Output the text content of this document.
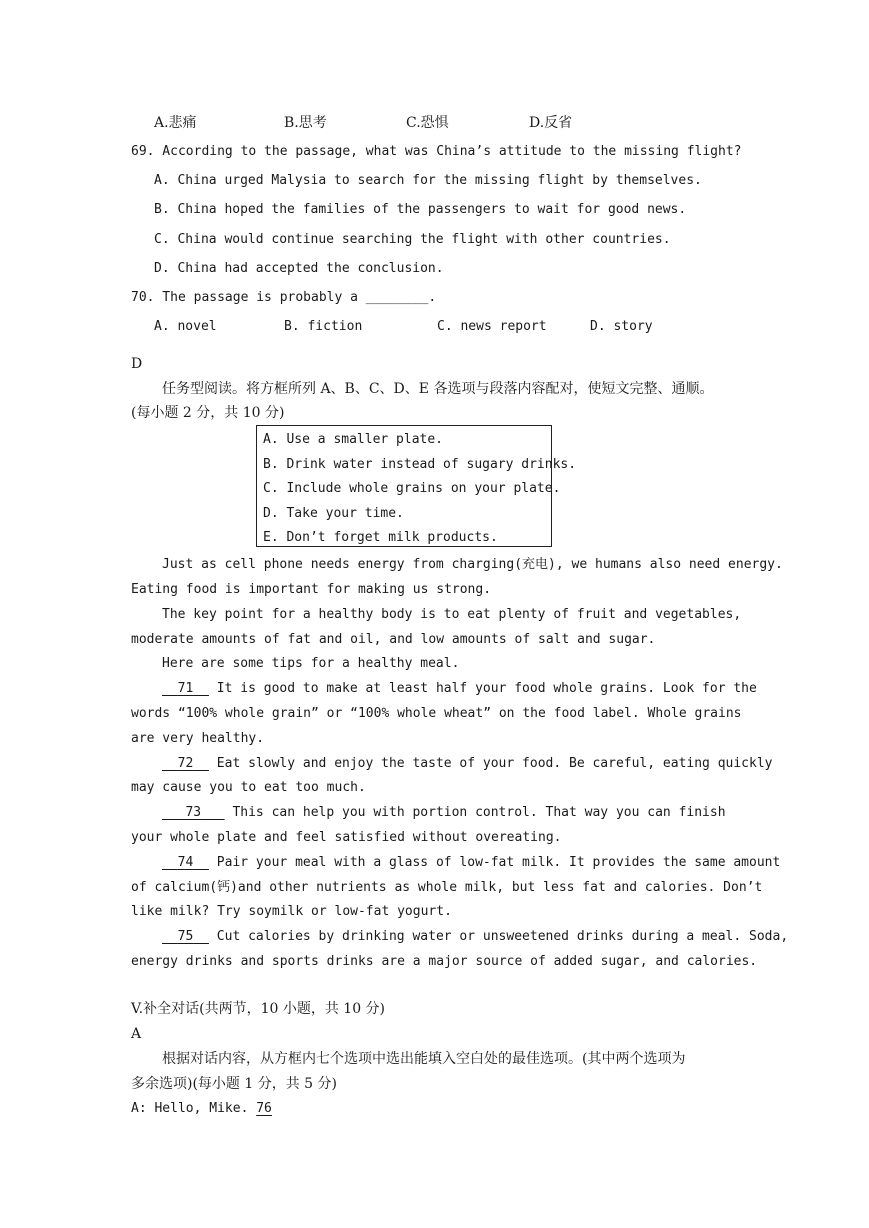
A.悲痛	B.思考	C.恐惧	D.反省
69. According to the passage, what was China’s attitude to the missing flight?
A. China urged Malysia to search for the missing flight by themselves.
B. China hoped the families of the passengers to wait for good news.
C. China would continue searching the flight with other countries.
D. China had accepted the conclusion.
70. The passage is probably a ________.
A. novel	B. fiction	C. news report	D. story
D
任务型阅读。将方框所列 A、B、C、D、E 各选项与段落内容配对，使短文完整、通顺。
(每小题 2 分，共 10 分)
A. Use a smaller plate.
B. Drink water instead of sugary drinks.
C. Include whole grains on your plate.
D. Take your time.
E. Don’t forget milk products.
Just as cell phone needs energy from charging(充电), we humans also need energy.
Eating food is important for making us strong.
The key point for a healthy body is to eat plenty of fruit and vegetables,
moderate amounts of fat and oil, and low amounts of salt and sugar.
Here are some tips for a healthy meal.
71 It is good to make at least half your food whole grains. Look for the
words “100% whole grain” or “100% whole wheat” on the food label. Whole grains
are very healthy.
72 Eat slowly and enjoy the taste of your food. Be careful, eating quickly
may cause you to eat too much.
73 This can help you with portion control. That way you can finish
your whole plate and feel satisfied without overeating.
74 Pair your meal with a glass of low-fat milk. It provides the same amount
of calcium(钙)and other nutrients as whole milk, but less fat and calories. Don’t
like milk? Try soymilk or low-fat yogurt.
75 Cut calories by drinking water or unsweetened drinks during a meal. Soda,
energy drinks and sports drinks are a major source of added sugar, and calories.
V.补全对话(共两节，10 小题，共 10 分)
A
根据对话内容，从方框内七个选项中选出能填入空白处的最佳选项。(其中两个选项为
多余选项)(每小题 1 分，共 5 分)
A: Hello, Mike. 76
